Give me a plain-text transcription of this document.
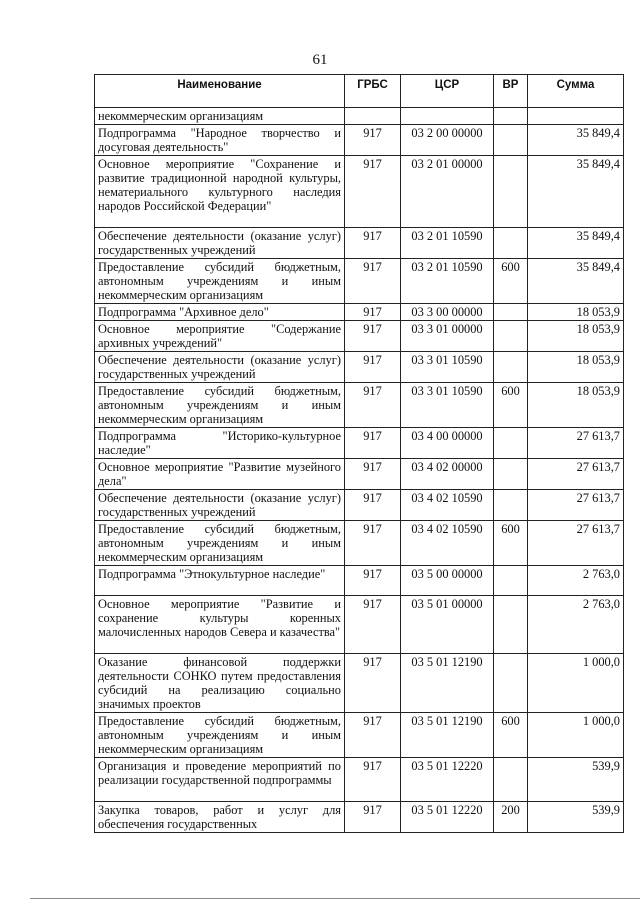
61
Наименование	ГРБС	ЦСР	ВР	Сумма
некоммерческим организациям				
Подпрограмма "Народное творчество и досуговая деятельность"	917	03 2 00 00000		35 849,4
Основное мероприятие "Сохранение и развитие традиционной народной культуры, нематериального культурного наследия народов Российской Федерации"	917	03 2 01 00000		35 849,4
Обеспечение деятельности (оказание услуг) государственных учреждений	917	03 2 01 10590		35 849,4
Предоставление субсидий бюджетным, автономным учреждениям и иным некоммерческим организациям	917	03 2 01 10590	600	35 849,4
Подпрограмма "Архивное дело"	917	03 3 00 00000		18 053,9
Основное мероприятие "Содержание архивных учреждений"	917	03 3 01 00000		18 053,9
Обеспечение деятельности (оказание услуг) государственных учреждений	917	03 3 01 10590		18 053,9
Предоставление субсидий бюджетным, автономным учреждениям и иным некоммерческим организациям	917	03 3 01 10590	600	18 053,9
Подпрограмма "Историко-культурное наследие"	917	03 4 00 00000		27 613,7
Основное мероприятие "Развитие музейного дела"	917	03 4 02 00000		27 613,7
Обеспечение деятельности (оказание услуг) государственных учреждений	917	03 4 02 10590		27 613,7
Предоставление субсидий бюджетным, автономным учреждениям и иным некоммерческим организациям	917	03 4 02 10590	600	27 613,7
Подпрограмма "Этнокультурное наследие"	917	03 5 00 00000		2 763,0
Основное мероприятие "Развитие и сохранение культуры коренных малочисленных народов Севера и казачества"	917	03 5 01 00000		2 763,0
Оказание финансовой поддержки деятельности СОНКО путем предоставления субсидий на реализацию социально значимых проектов	917	03 5 01 12190		1 000,0
Предоставление субсидий бюджетным, автономным учреждениям и иным некоммерческим организациям	917	03 5 01 12190	600	1 000,0
Организация и проведение мероприятий по реализации государственной подпрограммы	917	03 5 01 12220		539,9
Закупка товаров, работ и услуг для обеспечения государственных	917	03 5 01 12220	200	539,9
